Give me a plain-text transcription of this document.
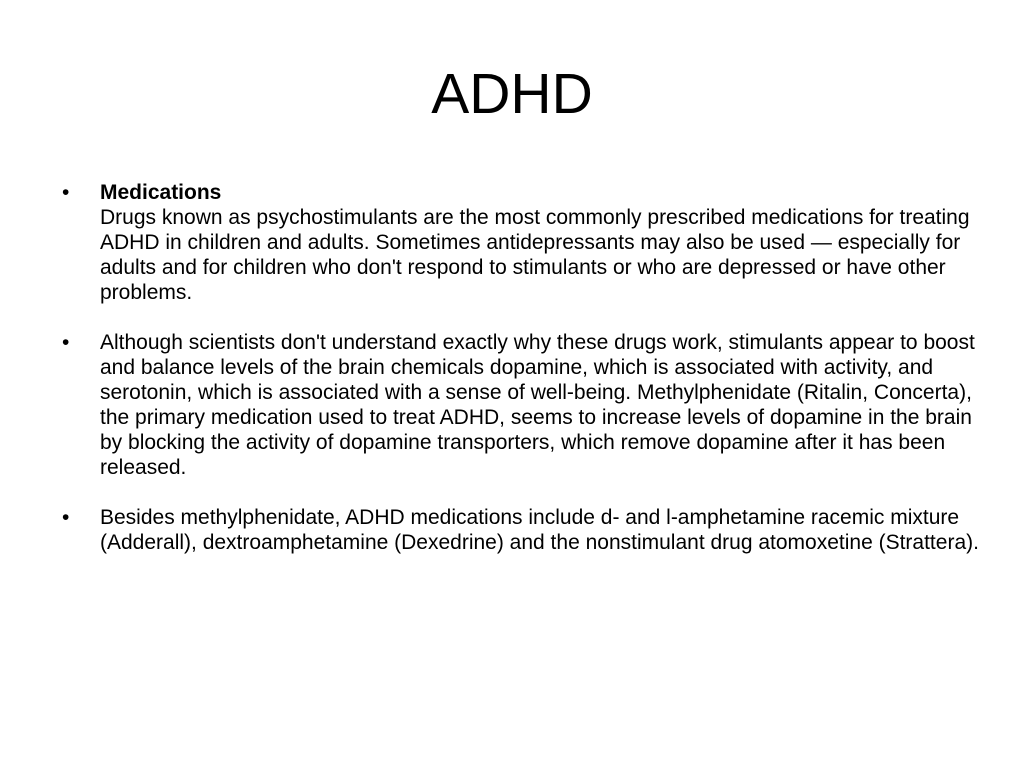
ADHD
•	Medications
Drugs known as psychostimulants are the most commonly prescribed medications for treating ADHD in children and adults. Sometimes antidepressants may also be used — especially for adults and for children who don't respond to stimulants or who are depressed or have other problems.
•	Although scientists don't understand exactly why these drugs work, stimulants appear to boost and balance levels of the brain chemicals dopamine, which is associated with activity, and serotonin, which is associated with a sense of well-being. Methylphenidate (Ritalin, Concerta), the primary medication used to treat ADHD, seems to increase levels of dopamine in the brain by blocking the activity of dopamine transporters, which remove dopamine after it has been released.
•	Besides methylphenidate, ADHD medications include d- and l-amphetamine racemic mixture (Adderall), dextroamphetamine (Dexedrine) and the nonstimulant drug atomoxetine (Strattera).
